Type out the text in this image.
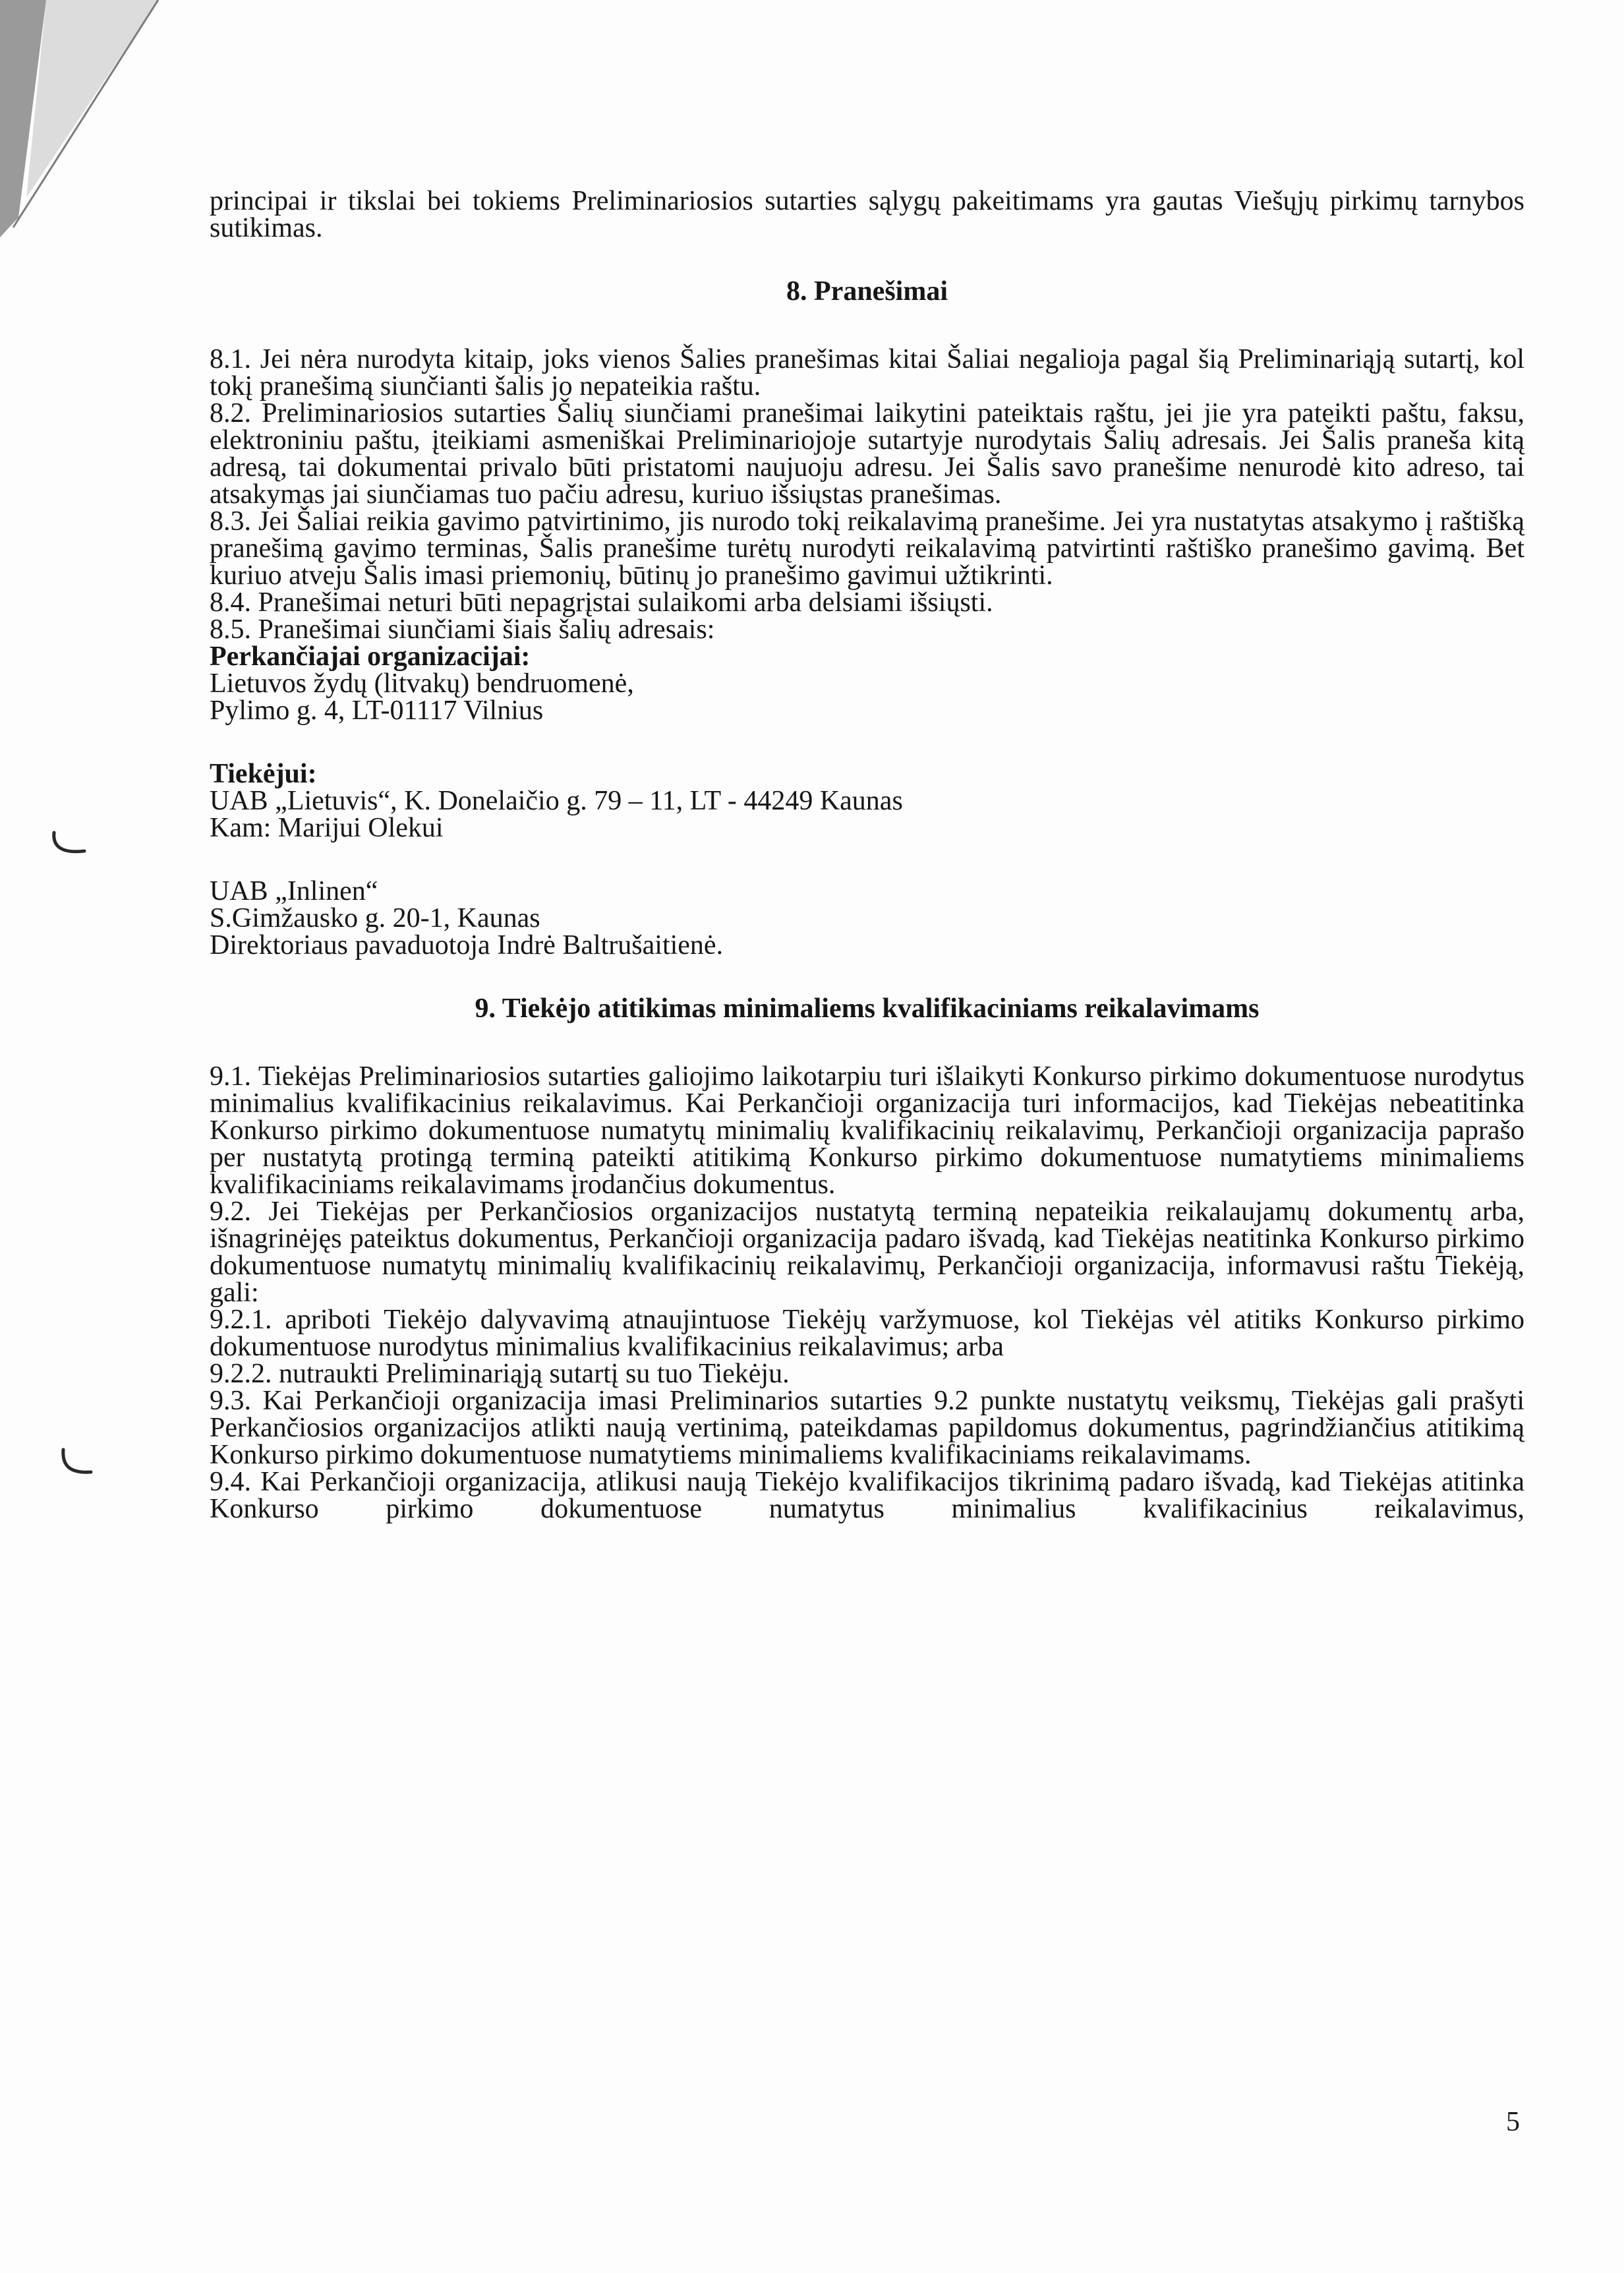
principai ir tikslai bei tokiems Preliminariosios sutarties sąlygų pakeitimams yra gautas Viešųjų pirkimų tarnybos sutikimas.

8. Pranešimai

8.1. Jei nėra nurodyta kitaip, joks vienos Šalies pranešimas kitai Šaliai negalioja pagal šią Preliminariąją sutartį, kol tokį pranešimą siunčianti šalis jo nepateikia raštu.

8.2. Preliminariosios sutarties Šalių siunčiami pranešimai laikytini pateiktais raštu, jei jie yra pateikti paštu, faksu, elektroniniu paštu, įteikiami asmeniškai Preliminariojoje sutartyje nurodytais Šalių adresais. Jei Šalis praneša kitą adresą, tai dokumentai privalo būti pristatomi naujuoju adresu. Jei Šalis savo pranešime nenurodė kito adreso, tai atsakymas jai siunčiamas tuo pačiu adresu, kuriuo išsiųstas pranešimas.

8.3. Jei Šaliai reikia gavimo patvirtinimo, jis nurodo tokį reikalavimą pranešime. Jei yra nustatytas atsakymo į raštišką pranešimą gavimo terminas, Šalis pranešime turėtų nurodyti reikalavimą patvirtinti raštiško pranešimo gavimą. Bet kuriuo atveju Šalis imasi priemonių, būtinų jo pranešimo gavimui užtikrinti.

8.4. Pranešimai neturi būti nepagrįstai sulaikomi arba delsiami išsiųsti.

8.5. Pranešimai siunčiami šiais šalių adresais:

Perkančiajai organizacijai:

Lietuvos žydų (litvakų) bendruomenė,

Pylimo g. 4, LT-01117 Vilnius

Tiekėjui:

UAB „Lietuvis“, K. Donelaičio g. 79 – 11, LT - 44249 Kaunas

Kam: Marijui Olekui

UAB „Inlinen“

S.Gimžausko g. 20-1, Kaunas

Direktoriaus pavaduotoja Indrė Baltrušaitienė.

9. Tiekėjo atitikimas minimaliems kvalifikaciniams reikalavimams

9.1. Tiekėjas Preliminariosios sutarties galiojimo laikotarpiu turi išlaikyti Konkurso pirkimo dokumentuose nurodytus minimalius kvalifikacinius reikalavimus. Kai Perkančioji organizacija turi informacijos, kad Tiekėjas nebeatitinka Konkurso pirkimo dokumentuose numatytų minimalių kvalifikacinių reikalavimų, Perkančioji organizacija paprašo per nustatytą protingą terminą pateikti atitikimą Konkurso pirkimo dokumentuose numatytiems minimaliems kvalifikaciniams reikalavimams įrodančius dokumentus.

9.2. Jei Tiekėjas per Perkančiosios organizacijos nustatytą terminą nepateikia reikalaujamų dokumentų arba, išnagrinėjęs pateiktus dokumentus, Perkančioji organizacija padaro išvadą, kad Tiekėjas neatitinka Konkurso pirkimo dokumentuose numatytų minimalių kvalifikacinių reikalavimų, Perkančioji organizacija, informavusi raštu Tiekėją, gali:

9.2.1. apriboti Tiekėjo dalyvavimą atnaujintuose Tiekėjų varžymuose, kol Tiekėjas vėl atitiks Konkurso pirkimo dokumentuose nurodytus minimalius kvalifikacinius reikalavimus; arba

9.2.2. nutraukti Preliminariąją sutartį su tuo Tiekėju.

9.3. Kai Perkančioji organizacija imasi Preliminarios sutarties 9.2 punkte nustatytų veiksmų, Tiekėjas gali prašyti Perkančiosios organizacijos atlikti naują vertinimą, pateikdamas papildomus dokumentus, pagrindžiančius atitikimą Konkurso pirkimo dokumentuose numatytiems minimaliems kvalifikaciniams reikalavimams.

9.4. Kai Perkančioji organizacija, atlikusi naują Tiekėjo kvalifikacijos tikrinimą padaro išvadą, kad Tiekėjas atitinka Konkurso pirkimo dokumentuose numatytus minimalius kvalifikacinius reikalavimus,

5
